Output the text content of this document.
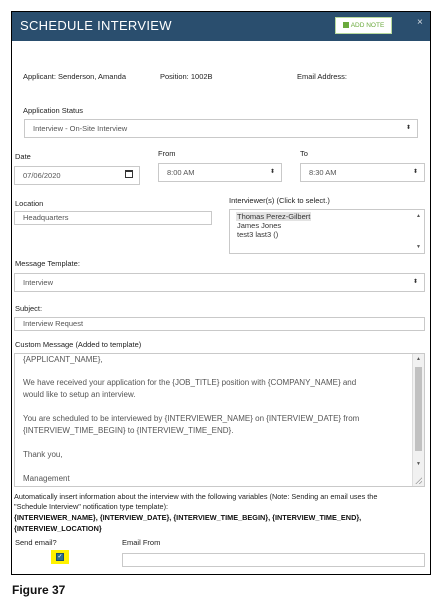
SCHEDULE INTERVIEW	ADD NOTE	×
Applicant: Senderson, Amanda	Position: 1002B	Email Address:
Application Status
Interview - On-Site Interview	⬍
Date
07/06/2020
From
8:00 AM	⬍
To
8:30 AM	⬍
Location
Headquarters
Interviewer(s) (Click to select.)
Thomas Perez-Gilbert
James Jones
test3 last3 ()
▲
▼
Message Template:
Interview	⬍
Subject:
Interview Request
Custom Message (Added to template)
{APPLICANT_NAME},
We have received your application for the {JOB_TITLE} position with {COMPANY_NAME} and
would like to setup an interview.
You are scheduled to be interviewed by {INTERVIEWER_NAME} on {INTERVIEW_DATE} from
{INTERVIEW_TIME_BEGIN} to {INTERVIEW_TIME_END}.
Thank you,
Management
▲
▼
Automatically insert information about the interview with the following variables (Note: Sending an email uses the
"Schedule Interview" notification type template):
{INTERVIEWER_NAME}, {INTERVIEW_DATE}, {INTERVIEW_TIME_BEGIN}, {INTERVIEW_TIME_END},
{INTERVIEW_LOCATION}
Send email?
✓
Email From
Figure 37
